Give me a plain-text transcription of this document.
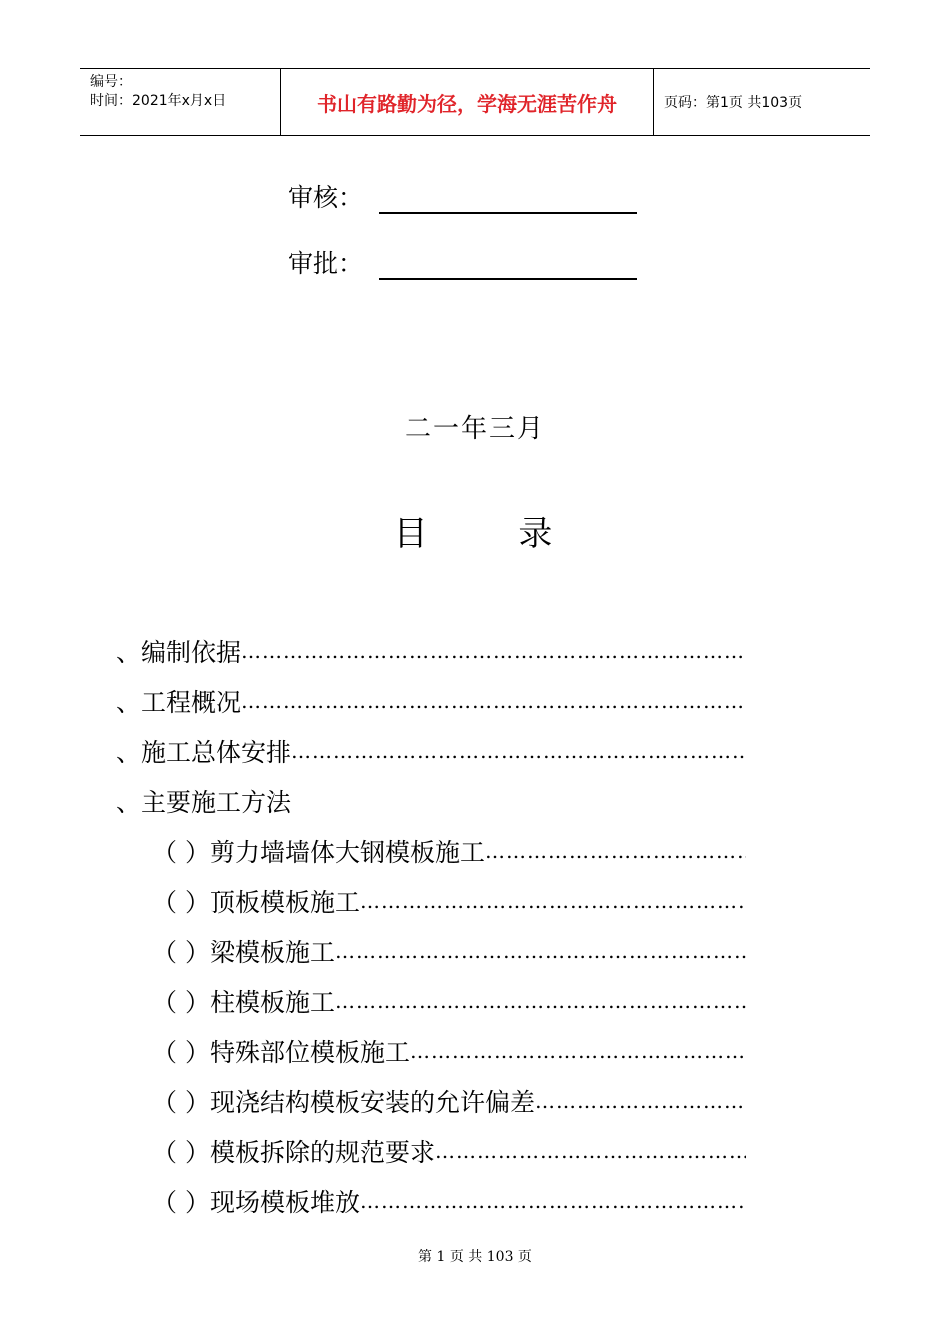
编号：
时间：2021年x月x日	书山有路勤为径，学海无涯苦作舟	页码：第1页 共103页
审核：
审批：
二一年三月
目 录
、编制依据
…………………………………………………………………………………………
、工程概况
…………………………………………………………………………………………
、施工总体安排
…………………………………………………………………………………………
、主要施工方法
（ ）剪力墙墙体大钢模板施工
…………………………………………………………………………………………
（ ）顶板模板施工
…………………………………………………………………………………………
（ ）梁模板施工
…………………………………………………………………………………………
（ ）柱模板施工
…………………………………………………………………………………………
（ ）特殊部位模板施工
…………………………………………………………………………………………
（ ）现浇结构模板安装的允许偏差
…………………………………………………………………………………………
（ ）模板拆除的规范要求
…………………………………………………………………………………………
（ ）现场模板堆放
…………………………………………………………………………………………
第 1 页 共 103 页
